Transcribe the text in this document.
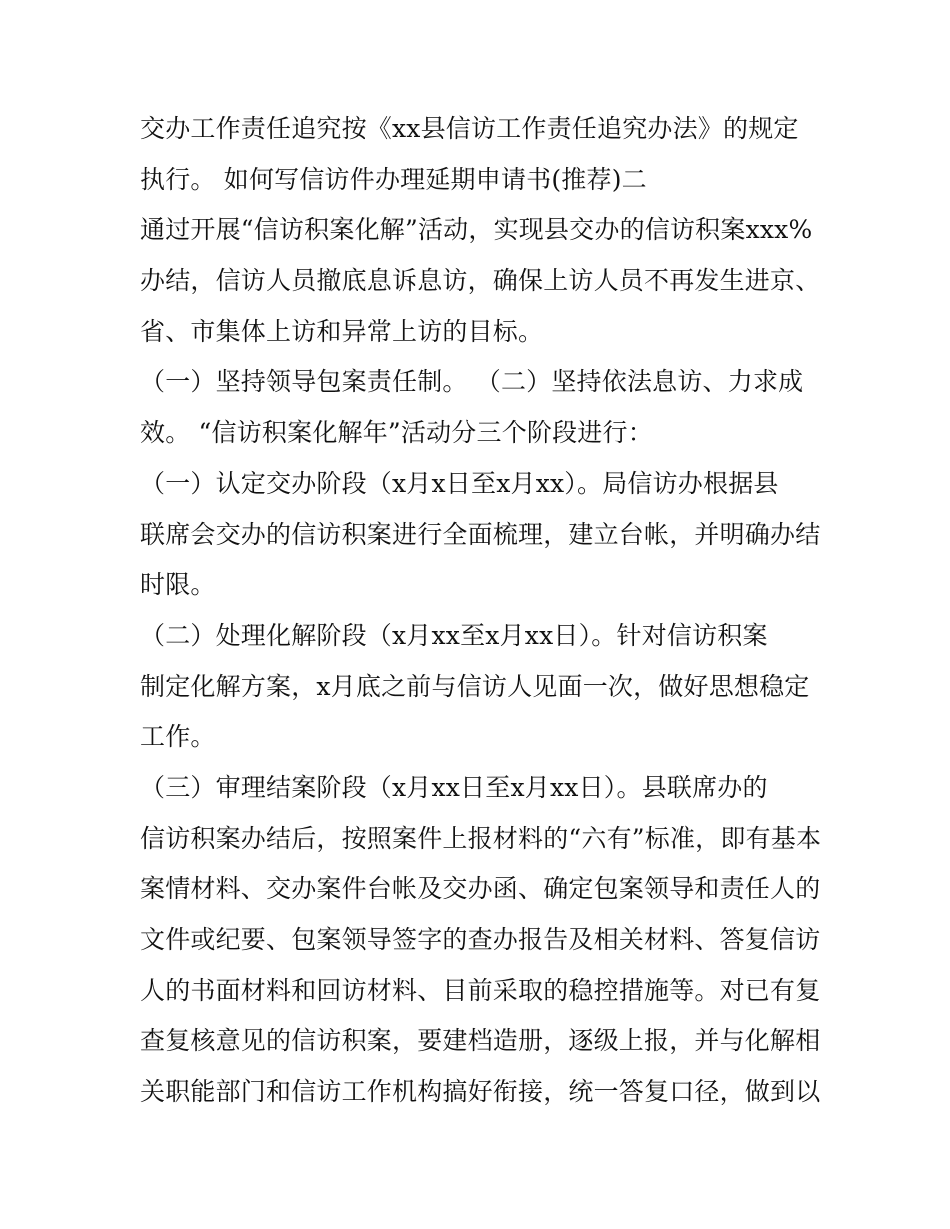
交办工作责任追究按《xx县信访工作责任追究办法》的规定
执行。 如何写信访件办理延期申请书(推荐)二
通过开展“信访积案化解”活动，实现县交办的信访积案xxx%
办结，信访人员撤底息诉息访，确保上访人员不再发生进京、
省、市集体上访和异常上访的目标。
（一）坚持领导包案责任制。 （二）坚持依法息访、力求成
效。 “信访积案化解年”活动分三个阶段进行：
（一）认定交办阶段（x月x日至x月xx）。局信访办根据县
联席会交办的信访积案进行全面梳理，建立台帐，并明确办结
时限。
（二）处理化解阶段（x月xx至x月xx日）。针对信访积案
制定化解方案，x月底之前与信访人见面一次，做好思想稳定
工作。
（三）审理结案阶段（x月xx日至x月xx日）。县联席办的
信访积案办结后，按照案件上报材料的“六有”标准，即有基本
案情材料、交办案件台帐及交办函、确定包案领导和责任人的
文件或纪要、包案领导签字的查办报告及相关材料、答复信访
人的书面材料和回访材料、目前采取的稳控措施等。对已有复
查复核意见的信访积案，要建档造册，逐级上报，并与化解相
关职能部门和信访工作机构搞好衔接，统一答复口径，做到以
